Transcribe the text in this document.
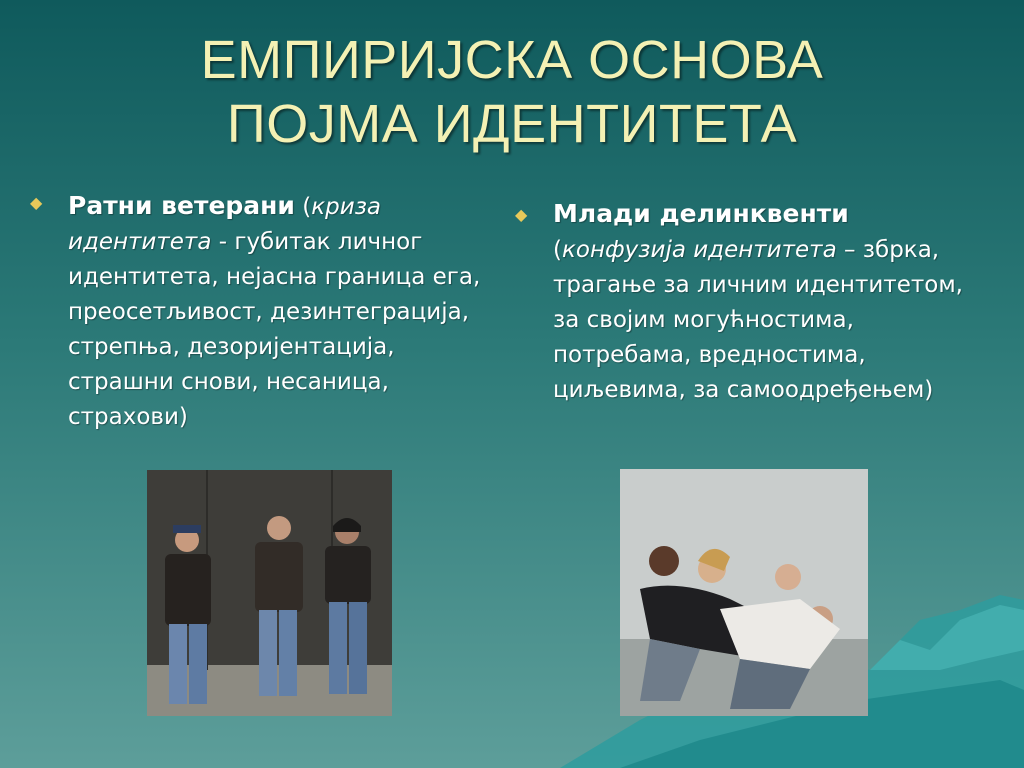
ЕМПИРИЈСКА ОСНОВА
ПОЈМА ИДЕНТИТЕТА
◆ Ратни ветерани (криза идентитета - губитак личног идентитета, нејасна граница ега, преосетљивост, дезинтеграција, стрепња, дезоријентација, страшни снови, несаница, страхови)
◆ Млади делинквенти
(конфузија идентитета – збрка, трагање за личним идентитетом, за својим могућностима, потребама, вредностима, циљевима, за самоодређењем)
